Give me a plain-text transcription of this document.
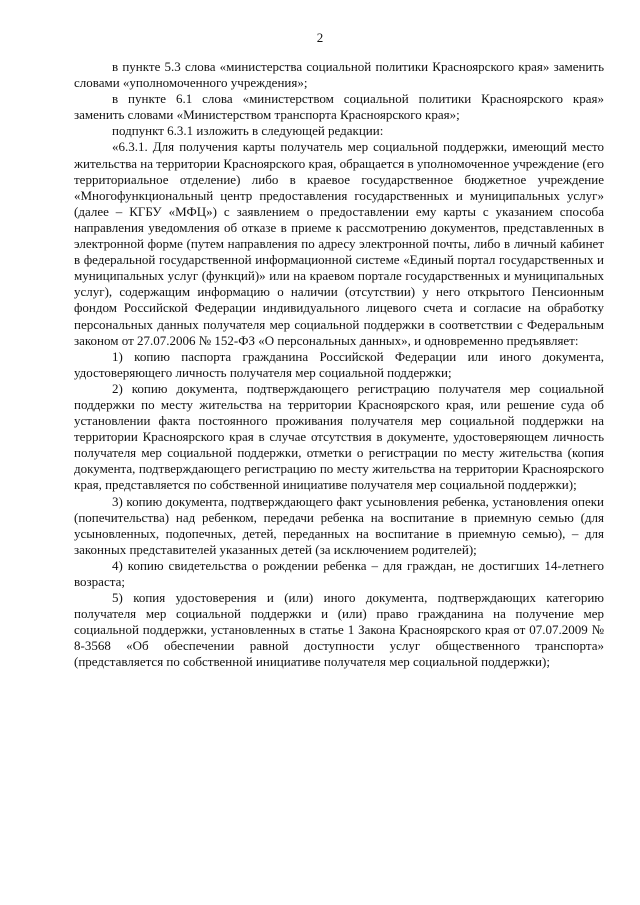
2

в пункте 5.3 слова «министерства социальной политики Красноярского края» заменить словами «уполномоченного учреждения»;

в пункте 6.1 слова «министерством социальной политики Красноярского края» заменить словами «Министерством транспорта Красноярского края»;

подпункт 6.3.1 изложить в следующей редакции:

«6.3.1. Для получения карты получатель мер социальной поддержки, имеющий место жительства на территории Красноярского края, обращается в уполномоченное учреждение (его территориальное отделение) либо в краевое государственное бюджетное учреждение «Многофункциональный центр предоставления государственных и муниципальных услуг» (далее – КГБУ «МФЦ») с заявлением о предоставлении ему карты с указанием способа направления уведомления об отказе в приеме к рассмотрению документов, представленных в электронной форме (путем направления по адресу электронной почты, либо в личный кабинет в федеральной государственной информационной системе «Единый портал государственных и муниципальных услуг (функций)» или на краевом портале государственных и муниципальных услуг), содержащим информацию о наличии (отсутствии) у него открытого Пенсионным фондом Российской Федерации индивидуального лицевого счета и согласие на обработку персональных данных получателя мер социальной поддержки в соответствии с Федеральным законом от 27.07.2006 № 152-ФЗ «О персональных данных», и одновременно предъявляет:

1) копию паспорта гражданина Российской Федерации или иного документа, удостоверяющего личность получателя мер социальной поддержки;

2) копию документа, подтверждающего регистрацию получателя мер социальной поддержки по месту жительства на территории Красноярского края, или решение суда об установлении факта постоянного проживания получателя мер социальной поддержки на территории Красноярского края в случае отсутствия в документе, удостоверяющем личность получателя мер социальной поддержки, отметки о регистрации по месту жительства (копия документа, подтверждающего регистрацию по месту жительства на территории Красноярского края, представляется по собственной инициативе получателя мер социальной поддержки);

3) копию документа, подтверждающего факт усыновления ребенка, установления опеки (попечительства) над ребенком, передачи ребенка на воспитание в приемную семью (для усыновленных, подопечных, детей, переданных на воспитание в приемную семью), – для законных представителей указанных детей (за исключением родителей);

4) копию свидетельства о рождении ребенка – для граждан, не достигших 14-летнего возраста;

5) копия удостоверения и (или) иного документа, подтверждающих категорию получателя мер социальной поддержки и (или) право гражданина на получение мер социальной поддержки, установленных в статье 1 Закона Красноярского края от 07.07.2009 № 8-3568 «Об обеспечении равной доступности услуг общественного транспорта» (представляется по собственной инициативе получателя мер социальной поддержки);
